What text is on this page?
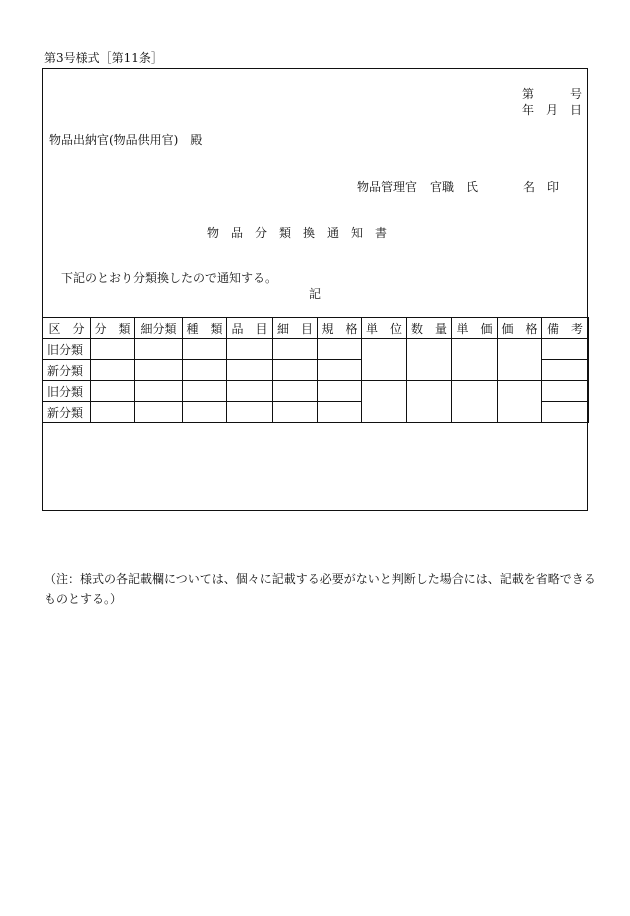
第3号様式［第11条］
第　　　号
年　月　日
物品出納官(物品供用官)　殿
物品管理官 官職　氏	名　印
物　品　分　類　換　通　知　書
下記のとおり分類換したので通知する。
記
区　分	分　類	細分類	種　類	品　目	細　目	規　格	単　位	数　量	単　価	価　格	備　考
旧分類											
新分類											
旧分類											
新分類											
（注：様式の各記載欄については、個々に記載する必要がないと判断した場合には、記載を省略できる
ものとする。）
